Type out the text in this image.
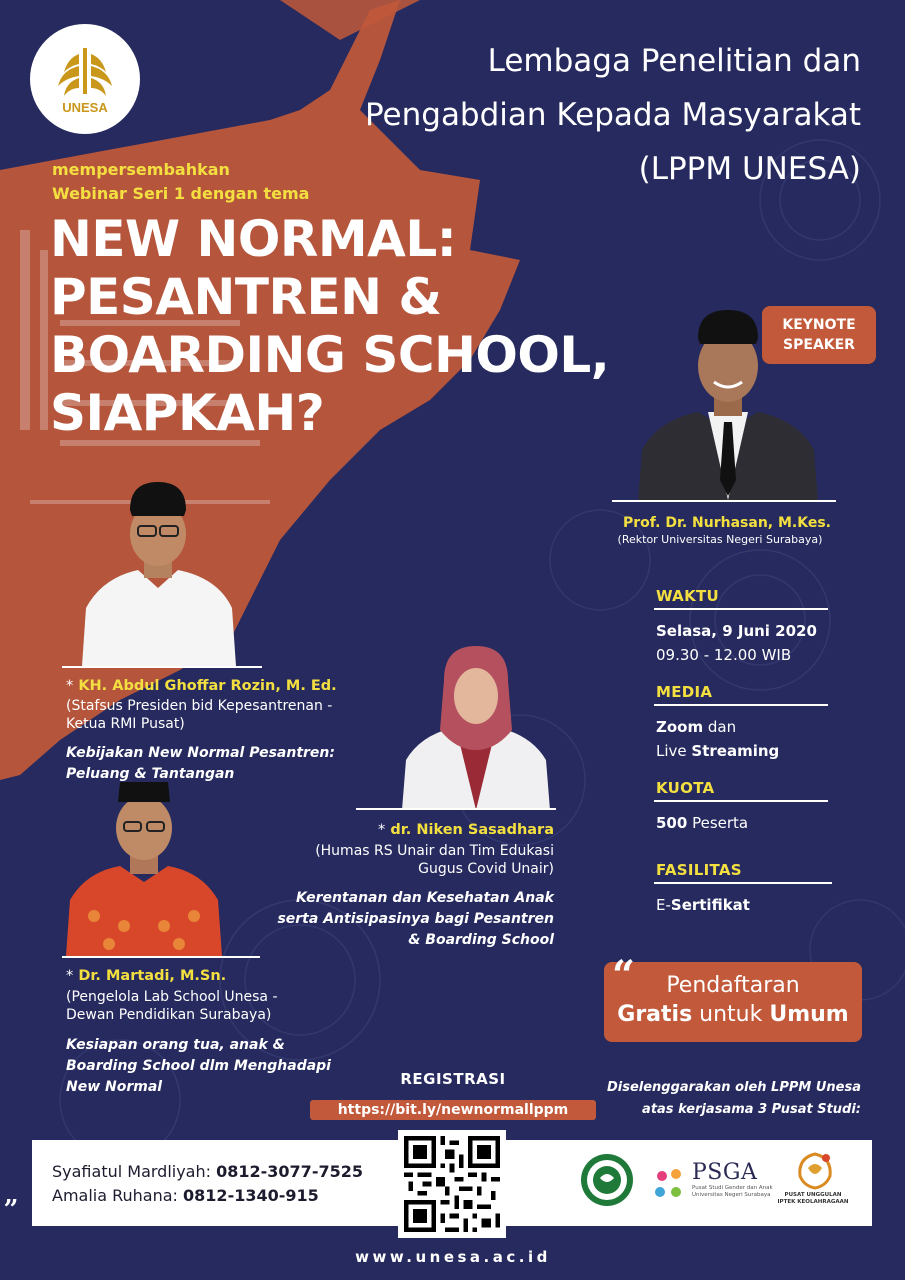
UNESA
Lembaga Penelitian dan
Pengabdian Kepada Masyarakat
(LPPM UNESA)
mempersembahkan
Webinar Seri 1 dengan tema
NEW NORMAL:
PESANTREN &
BOARDING SCHOOL,
SIAPKAH?
KEYNOTE
SPEAKER
Prof. Dr. Nurhasan, M.Kes.
(Rektor Universitas Negeri Surabaya)
* KH. Abdul Ghoffar Rozin, M. Ed.
(Stafsus Presiden bid Kepesantrenan -
Ketua RMI Pusat)
Kebijakan New Normal Pesantren:
Peluang & Tantangan
* dr. Niken Sasadhara
(Humas RS Unair dan Tim Edukasi
Gugus Covid Unair)
Kerentanan dan Kesehatan Anak
serta Antisipasinya bagi Pesantren
& Boarding School
* Dr. Martadi, M.Sn.
(Pengelola Lab School Unesa -
Dewan Pendidikan Surabaya)
Kesiapan orang tua, anak &
Boarding School dlm Menghadapi
New Normal
WAKTU
Selasa, 9 Juni 2020
09.30 - 12.00 WIB
MEDIA
Zoom dan
Live Streaming
KUOTA
500 Peserta
FASILITAS
E-Sertifikat
Pendaftaran
Gratis untuk Umum
“
Diselenggarakan oleh LPPM Unesa
atas kerjasama 3 Pusat Studi:
REGISTRASI
https://bit.ly/newnormallppm
Syafiatul Mardliyah: 0812-3077-7525
Amalia Ruhana: 0812-1340-915
PSGA
Pusat Studi Gender dan Anak
Universitas Negeri Surabaya	PUSAT UNGGULAN
IPTEK KEOLAHRAGAAN
„
www.unesa.ac.id
